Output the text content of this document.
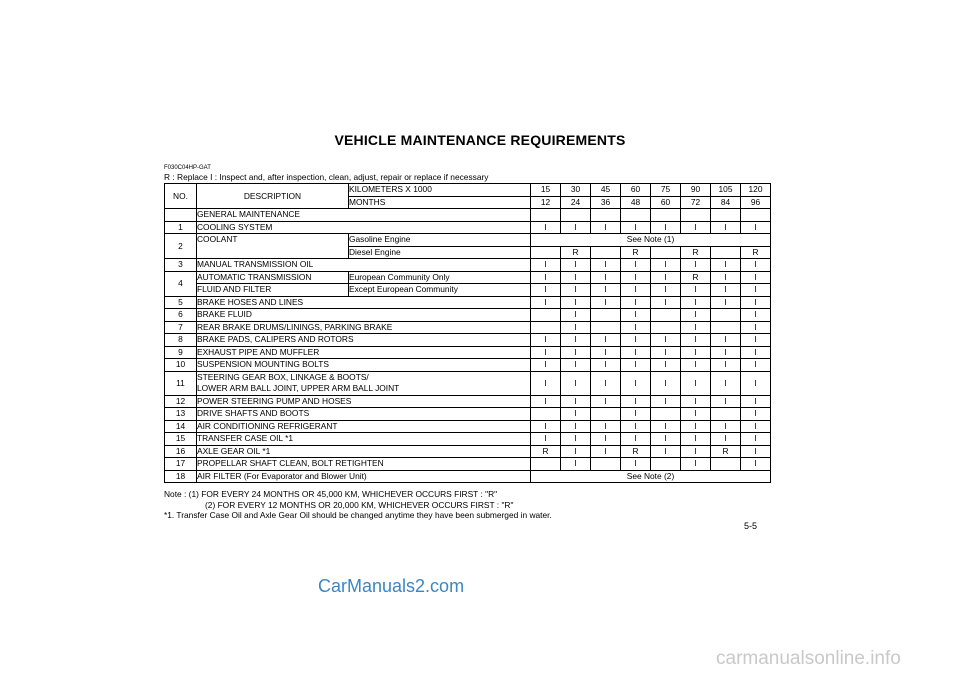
VEHICLE MAINTENANCE REQUIREMENTS
F030C04HP-GAT
R : Replace I : Inspect and, after inspection, clean, adjust, repair or replace if necessary
NO.	DESCRIPTION	KILOMETERS X 1000	15	30	45	60	75	90	105	120
		MONTHS	12	24	36	48	60	72	84	96
	GENERAL MAINTENANCE									
1	COOLING SYSTEM		I	I	I	I	I	I	I	I
2	COOLANT	Gasoline Engine	See Note (1)							
		Diesel Engine		R		R		R		R
3	MANUAL TRANSMISSION OIL		I	I	I	I	I	I	I	I
4	AUTOMATIC TRANSMISSION	European Community Only	I	I	I	I	I	R	I	I
	FLUID AND FILTER	Except European Community	I	I	I	I	I	I	I	I
5	BRAKE HOSES AND LINES		I	I	I	I	I	I	I	I
6	BRAKE FLUID			I		I		I		I
7	REAR BRAKE DRUMS/LININGS, PARKING BRAKE			I		I		I		I
8	BRAKE PADS, CALIPERS AND ROTORS		I	I	I	I	I	I	I	I
9	EXHAUST PIPE AND MUFFLER		I	I	I	I	I	I	I	I
10	SUSPENSION MOUNTING BOLTS		I	I	I	I	I	I	I	I
11	STEERING GEAR BOX, LINKAGE & BOOTS/		I	I	I	I	I	I	I	I
	LOWER ARM BALL JOINT, UPPER ARM BALL JOINT									
12	POWER STEERING PUMP AND HOSES		I	I	I	I	I	I	I	I
13	DRIVE SHAFTS AND BOOTS			I		I		I		I
14	AIR CONDITIONING REFRIGERANT		I	I	I	I	I	I	I	I
15	TRANSFER CASE OIL *1		I	I	I	I	I	I	I	I
16	AXLE GEAR OIL *1		R	I	I	R	I	I	R	I
17	PROPELLAR SHAFT CLEAN, BOLT RETIGHTEN			I		I		I		I
18	AIR FILTER (For Evaporator and Blower Unit)		See Note (2)							
Note : (1) FOR EVERY 24 MONTHS OR 45,000 KM, WHICHEVER OCCURS FIRST : "R"
(2) FOR EVERY 12 MONTHS OR 20,000 KM, WHICHEVER OCCURS FIRST : "R"
*1. Transfer Case Oil and Axle Gear Oil should be changed anytime they have been submerged in water.
5-5
CarManuals2.com
carmanualsonline.info
